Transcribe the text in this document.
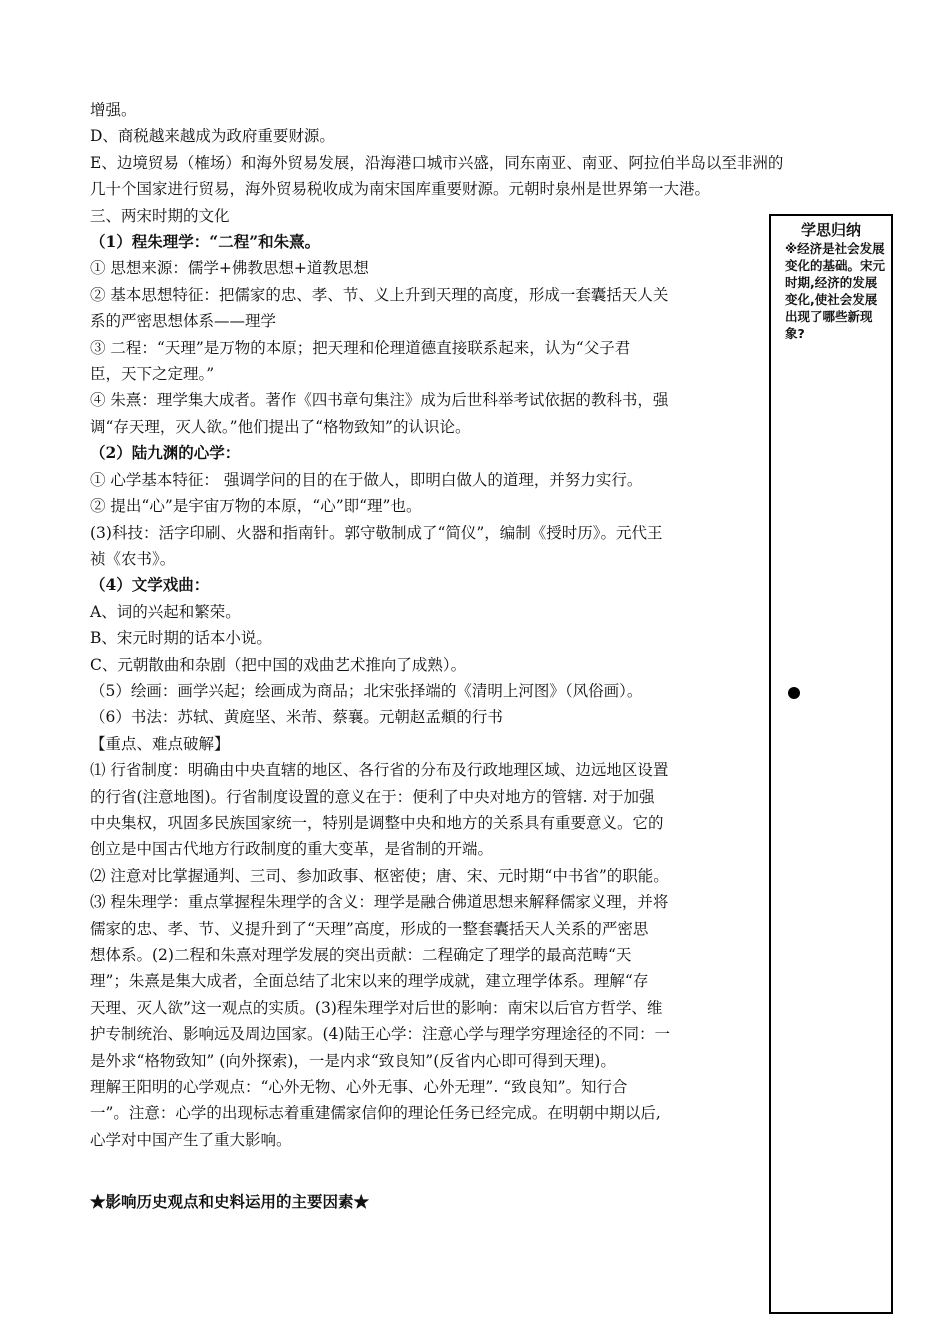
增强。

D、商税越来越成为政府重要财源。

E、边境贸易（榷场）和海外贸易发展，沿海港口城市兴盛，同东南亚、南亚、阿拉伯半岛以至非洲的

几十个国家进行贸易，海外贸易税收成为南宋国库重要财源。元朝时泉州是世界第一大港。

三、两宋时期的文化

（1）程朱理学：“二程”和朱熹。

① 思想来源：儒学+佛教思想+道教思想

② 基本思想特征：把儒家的忠、孝、节、义上升到天理的高度，形成一套囊括天人关

系的严密思想体系——理学

③ 二程：“天理”是万物的本原；把天理和伦理道德直接联系起来，认为“父子君

臣，天下之定理。”

④ 朱熹：理学集大成者。著作《四书章句集注》成为后世科举考试依据的教科书，强

调“存天理，灭人欲。”他们提出了“格物致知”的认识论。

（2）陆九渊的心学：

① 心学基本特征： 强调学问的目的在于做人，即明白做人的道理，并努力实行。

② 提出“心”是宇宙万物的本原，“心”即“理”也。

(3)科技：活字印刷、火器和指南针。郭守敬制成了“简仪”，编制《授时历》。元代王

祯《农书》。

（4）文学戏曲：

A、词的兴起和繁荣。

B、宋元时期的话本小说。

C、元朝散曲和杂剧（把中国的戏曲艺术推向了成熟）。

（5）绘画：画学兴起；绘画成为商品；北宋张择端的《清明上河图》（风俗画）。

（6）书法：苏轼、黄庭坚、米芾、蔡襄。元朝赵孟頫的行书

【重点、难点破解】

⑴ 行省制度：明确由中央直辖的地区、各行省的分布及行政地理区域、边远地区设置

的行省(注意地图)。行省制度设置的意义在于：便利了中央对地方的管辖. 对于加强

中央集权，巩固多民族国家统一，特别是调整中央和地方的关系具有重要意义。它的

创立是中国古代地方行政制度的重大变革，是省制的开端。

⑵ 注意对比掌握通判、三司、参加政事、枢密使；唐、宋、元时期“中书省”的职能。

⑶ 程朱理学：重点掌握程朱理学的含义：理学是融合佛道思想来解释儒家义理，并将

儒家的忠、孝、节、义提升到了“天理”高度，形成的一整套囊括天人关系的严密思

想体系。(2)二程和朱熹对理学发展的突出贡献：二程确定了理学的最高范畴“天

理”；朱熹是集大成者，全面总结了北宋以来的理学成就，建立理学体系。理解“存

天理、灭人欲”这一观点的实质。(3)程朱理学对后世的影响：南宋以后官方哲学、维

护专制统治、影响远及周边国家。(4)陆王心学：注意心学与理学穷理途径的不同：一

是外求“格物致知” (向外探索)，一是内求“致良知”(反省内心即可得到天理)。

理解王阳明的心学观点：“心外无物、心外无事、心外无理”. “致良知”。知行合

一”。注意：心学的出现标志着重建儒家信仰的理论任务已经完成。在明朝中期以后,

心学对中国产生了重大影响。

★影响历史观点和史料运用的主要因素★
学思归纳
※经济是社会发展变化的基础。宋元时期,经济的发展变化,使社会发展出现了哪些新现象?
